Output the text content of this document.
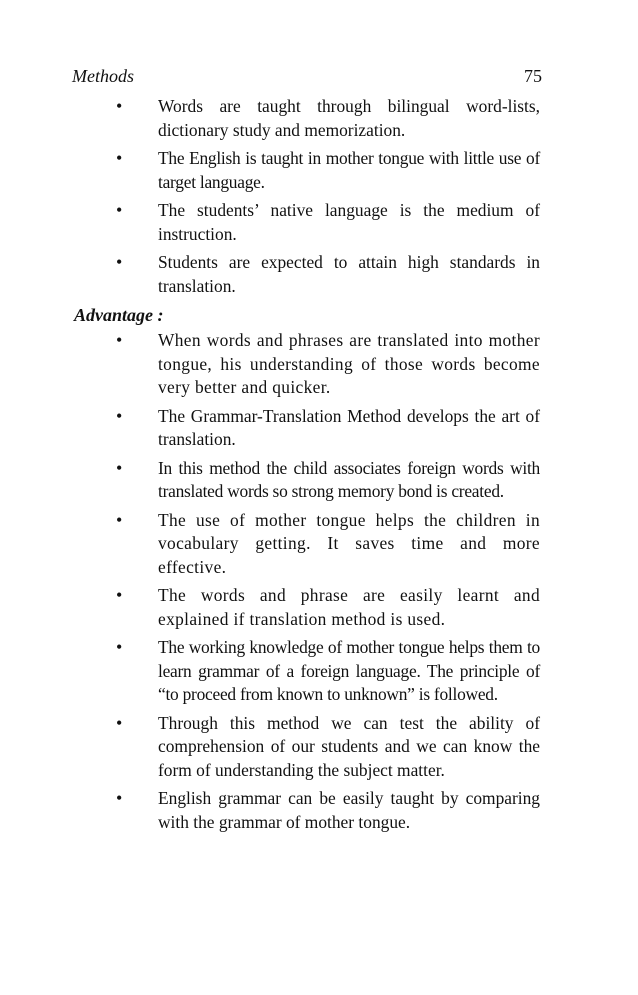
Methods	75
• Words are taught through bilingual word-lists, dictionary study and memorization.
• The English is taught in mother tongue with little use of target language.
• The students’ native language is the medium of instruction.
• Students are expected to attain high standards in translation.
Advantage :
• When words and phrases are translated into mother tongue, his understanding of those words become very better and quicker.
• The Grammar-Translation Method develops the art of translation.
• In this method the child associates foreign words with translated words so strong memory bond is created.
• The use of mother tongue helps the children in vocabulary getting. It saves time and more effective.
• The words and phrase are easily learnt and explained if translation method is used.
• The working knowledge of mother tongue helps them to learn grammar of a foreign language. The principle of “to proceed from known to unknown” is followed.
• Through this method we can test the ability of comprehension of our students and we can know the form of understanding the subject matter.
• English grammar can be easily taught by comparing with the grammar of mother tongue.
